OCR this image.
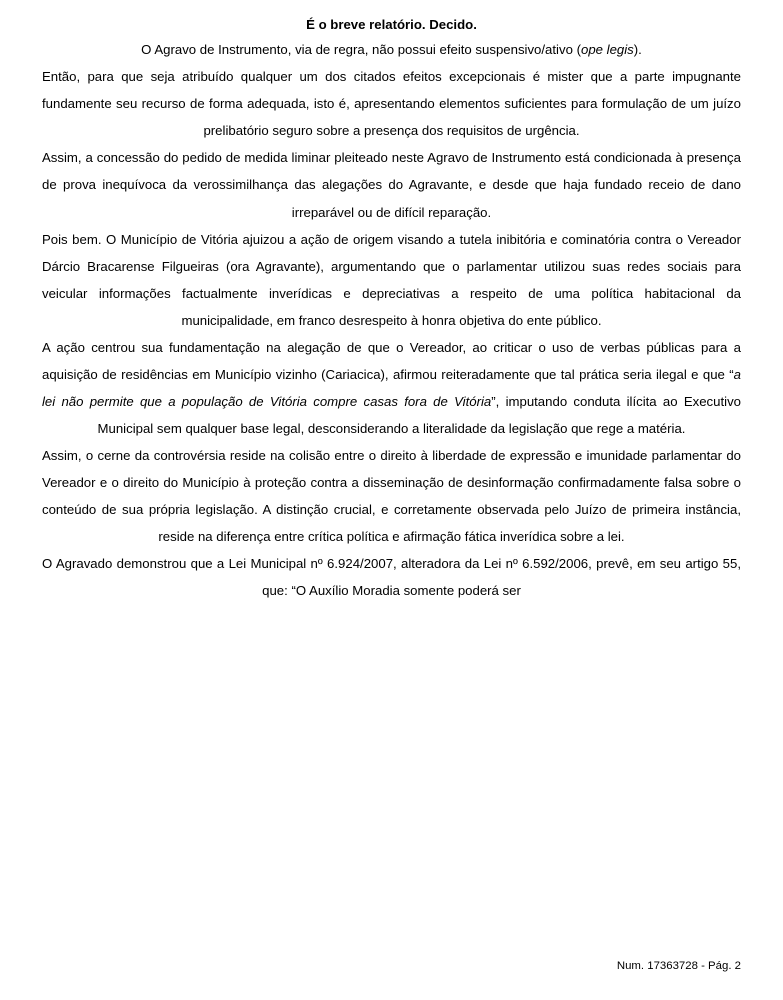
É o breve relatório. Decido.

O Agravo de Instrumento, via de regra, não possui efeito suspensivo/ativo (ope legis).

Então, para que seja atribuído qualquer um dos citados efeitos excepcionais é mister que a parte impugnante fundamente seu recurso de forma adequada, isto é, apresentando elementos suficientes para formulação de um juízo prelibatório seguro sobre a presença dos requisitos de urgência.

Assim, a concessão do pedido de medida liminar pleiteado neste Agravo de Instrumento está condicionada à presença de prova inequívoca da verossimilhança das alegações do Agravante, e desde que haja fundado receio de dano irreparável ou de difícil reparação.

Pois bem. O Município de Vitória ajuizou a ação de origem visando a tutela inibitória e cominatória contra o Vereador Dárcio Bracarense Filgueiras (ora Agravante), argumentando que o parlamentar utilizou suas redes sociais para veicular informações factualmente inverídicas e depreciativas a respeito de uma política habitacional da municipalidade, em franco desrespeito à honra objetiva do ente público.

A ação centrou sua fundamentação na alegação de que o Vereador, ao criticar o uso de verbas públicas para a aquisição de residências em Município vizinho (Cariacica), afirmou reiteradamente que tal prática seria ilegal e que “a lei não permite que a população de Vitória compre casas fora de Vitória”, imputando conduta ilícita ao Executivo Municipal sem qualquer base legal, desconsiderando a literalidade da legislação que rege a matéria.

Assim, o cerne da controvérsia reside na colisão entre o direito à liberdade de expressão e imunidade parlamentar do Vereador e o direito do Município à proteção contra a disseminação de desinformação confirmadamente falsa sobre o conteúdo de sua própria legislação. A distinção crucial, e corretamente observada pelo Juízo de primeira instância, reside na diferença entre crítica política e afirmação fática inverídica sobre a lei.

O Agravado demonstrou que a Lei Municipal nº 6.924/2007, alteradora da Lei nº 6.592/2006, prevê, em seu artigo 55, que: “O Auxílio Moradia somente poderá ser

Num. 17363728 - Pág. 2
